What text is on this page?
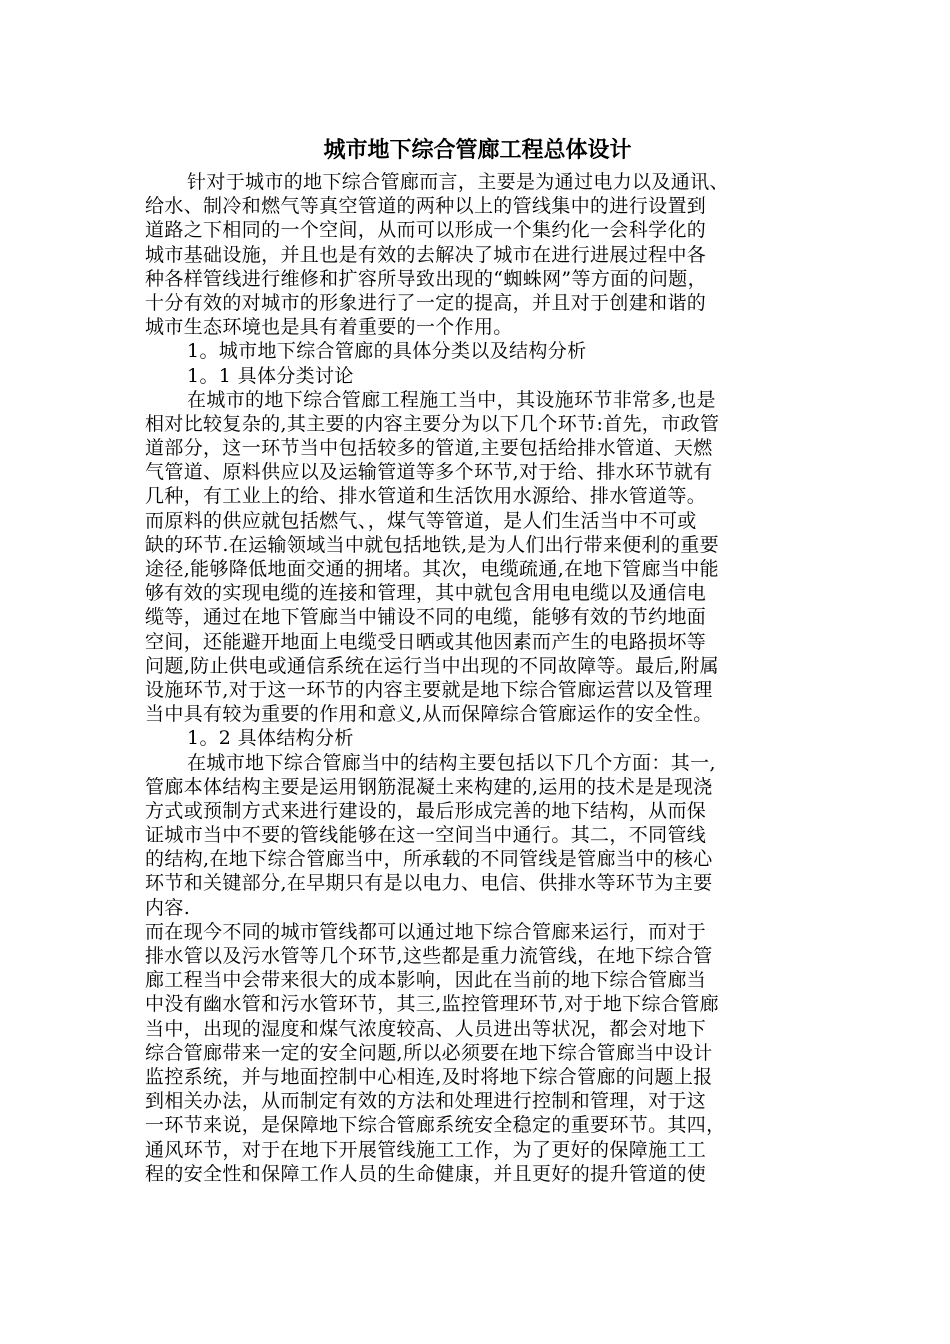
城市地下综合管廊工程总体设计
针对于城市的地下综合管廊而言，主要是为通过电力以及通讯、
给水、制冷和燃气等真空管道的两种以上的管线集中的进行设置到
道路之下相同的一个空间，从而可以形成一个集约化一会科学化的
城市基础设施，并且也是有效的去解决了城市在进行进展过程中各
种各样管线进行维修和扩容所导致出现的“蜘蛛网”等方面的问题，
十分有效的对城市的形象进行了一定的提高，并且对于创建和谐的
城市生态环境也是具有着重要的一个作用。
1。城市地下综合管廊的具体分类以及结构分析
1。1 具体分类讨论
在城市的地下综合管廊工程施工当中，其设施环节非常多,也是
相对比较复杂的,其主要的内容主要分为以下几个环节:首先，市政管
道部分，这一环节当中包括较多的管道,主要包括给排水管道、天燃
气管道、原料供应以及运输管道等多个环节,对于给、排水环节就有
几种，有工业上的给、排水管道和生活饮用水源给、排水管道等。
而原料的供应就包括燃气、，煤气等管道，是人们生活当中不可或
缺的环节.在运输领域当中就包括地铁,是为人们出行带来便利的重要
途径,能够降低地面交通的拥堵。其次，电缆疏通,在地下管廊当中能
够有效的实现电缆的连接和管理，其中就包含用电电缆以及通信电
缆等，通过在地下管廊当中铺设不同的电缆，能够有效的节约地面
空间，还能避开地面上电缆受日晒或其他因素而产生的电路损坏等
问题,防止供电或通信系统在运行当中出现的不同故障等。最后,附属
设施环节,对于这一环节的内容主要就是地下综合管廊运营以及管理
当中具有较为重要的作用和意义,从而保障综合管廊运作的安全性。
1。2 具体结构分析
在城市地下综合管廊当中的结构主要包括以下几个方面：其一,
管廊本体结构主要是运用钢筋混凝土来构建的,运用的技术是是现浇
方式或预制方式来进行建设的，最后形成完善的地下结构，从而保
证城市当中不要的管线能够在这一空间当中通行。其二，不同管线
的结构,在地下综合管廊当中，所承载的不同管线是管廊当中的核心
环节和关键部分,在早期只有是以电力、电信、供排水等环节为主要
内容.
而在现今不同的城市管线都可以通过地下综合管廊来运行，而对于
排水管以及污水管等几个环节,这些都是重力流管线，在地下综合管
廊工程当中会带来很大的成本影响，因此在当前的地下综合管廊当
中没有幽水管和污水管环节，其三,监控管理环节,对于地下综合管廊
当中，出现的湿度和煤气浓度较高、人员进出等状况，都会对地下
综合管廊带来一定的安全问题,所以必须要在地下综合管廊当中设计
监控系统，并与地面控制中心相连,及时将地下综合管廊的问题上报
到相关办法，从而制定有效的方法和处理进行控制和管理，对于这
一环节来说，是保障地下综合管廊系统安全稳定的重要环节。其四，
通风环节，对于在地下开展管线施工工作，为了更好的保障施工工
程的安全性和保障工作人员的生命健康，并且更好的提升管道的使
